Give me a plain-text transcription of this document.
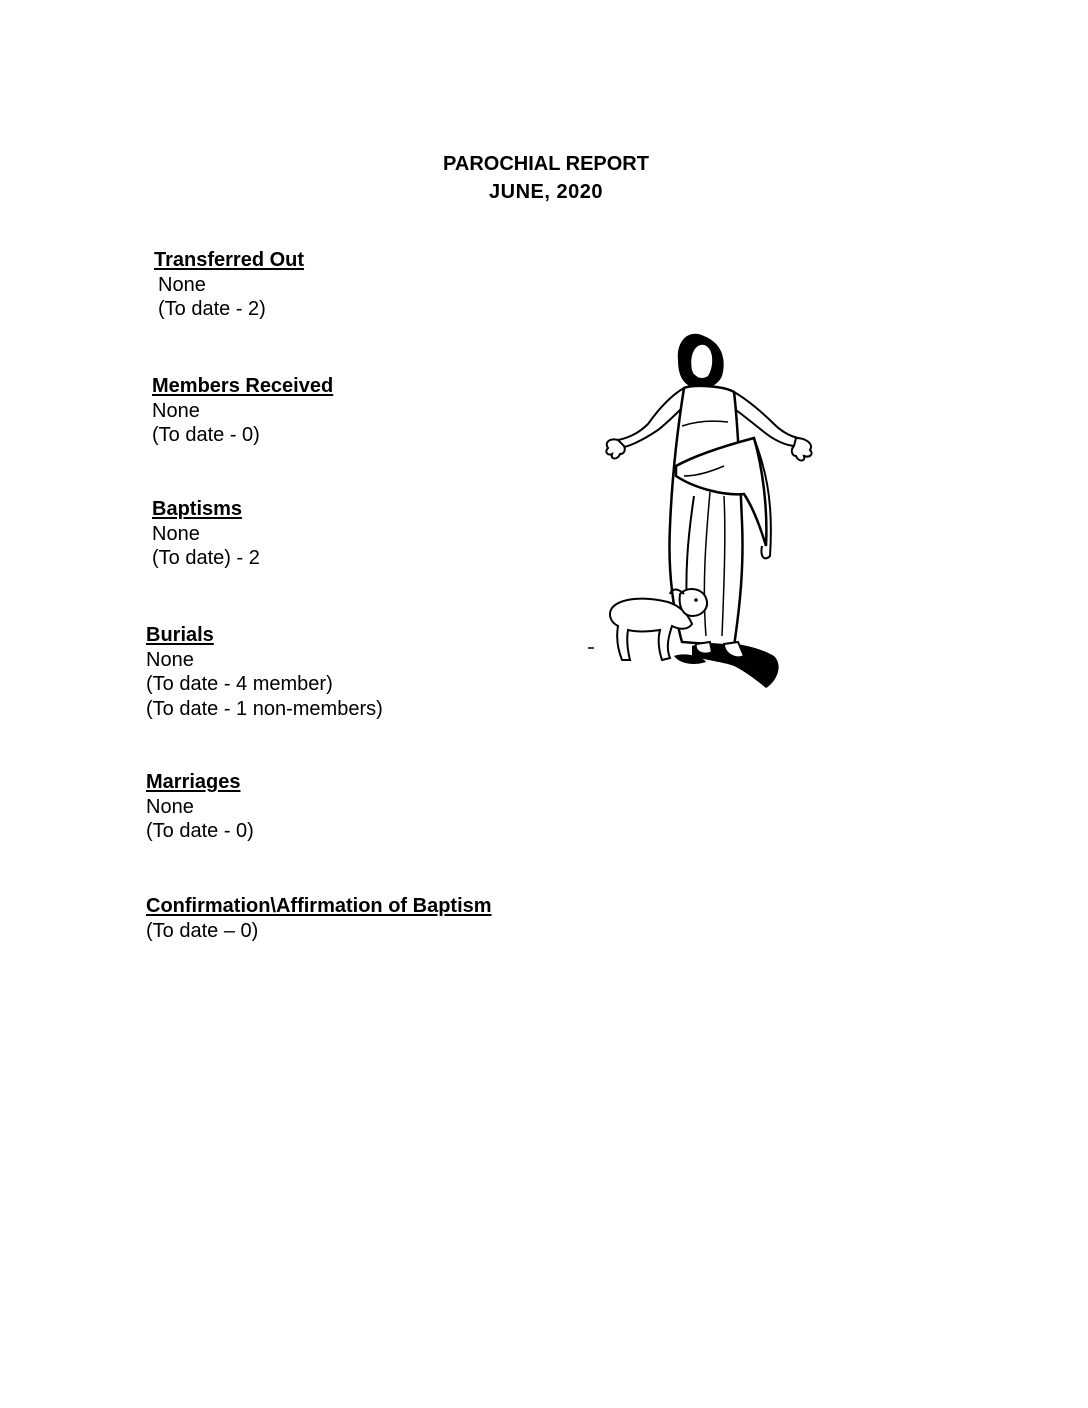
PAROCHIAL REPORT
JUNE, 2020
Transferred Out
None
(To date - 2)
Members Received
None
(To date - 0)
Baptisms
None
(To date) - 2
Burials
None
(To date - 4 member)
(To date - 1 non-members)
Marriages
None
(To date - 0)
Confirmation\Affirmation of Baptism
(To date – 0)
